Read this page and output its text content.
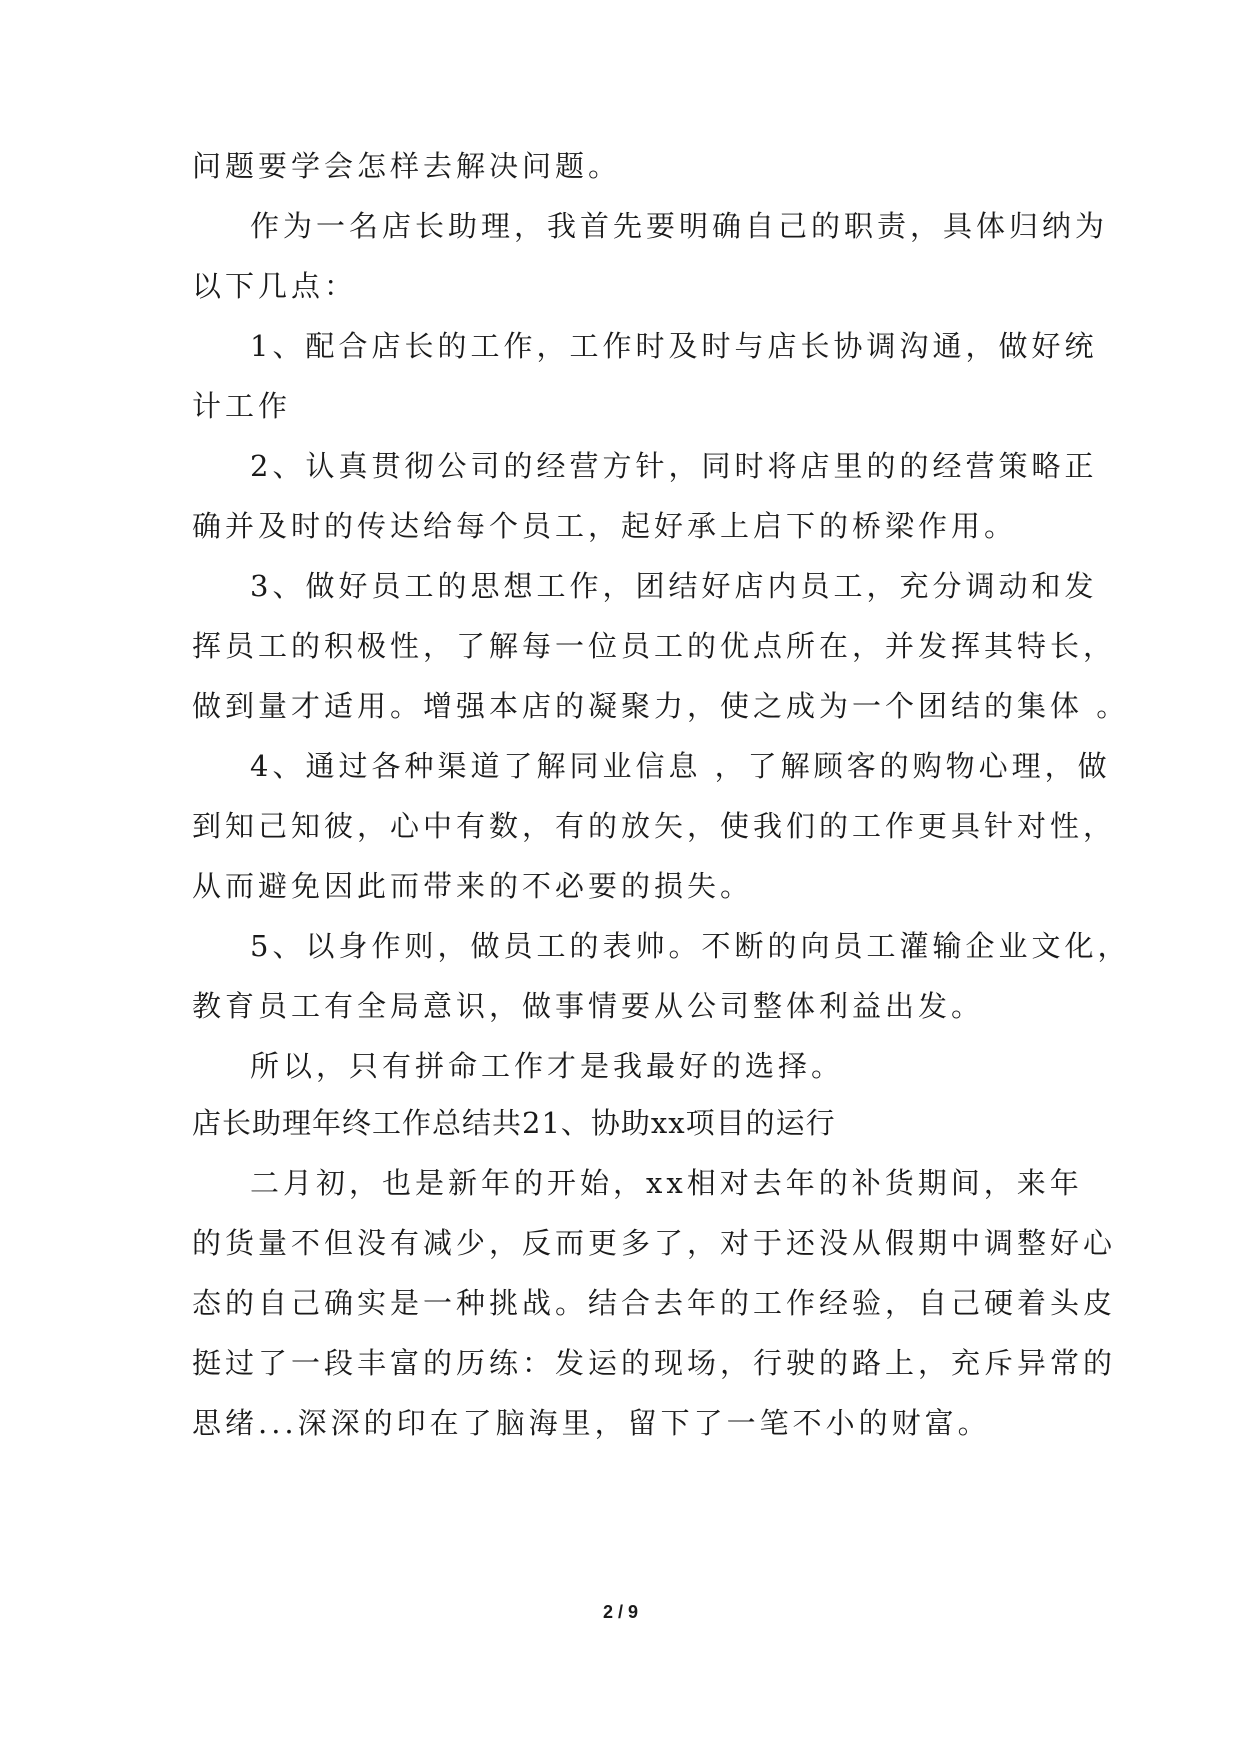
问题要学会怎样去解决问题。
作为一名店长助理，我首先要明确自己的职责，具体归纳为
以下几点：
1、配合店长的工作，工作时及时与店长协调沟通，做好统
计工作
2、认真贯彻公司的经营方针，同时将店里的的经营策略正
确并及时的传达给每个员工，起好承上启下的桥梁作用。
3、做好员工的思想工作，团结好店内员工，充分调动和发
挥员工的积极性，了解每一位员工的优点所在，并发挥其特长，
做到量才适用。增强本店的凝聚力，使之成为一个团结的集体 。
4、通过各种渠道了解同业信息 ，了解顾客的购物心理，做
到知己知彼，心中有数，有的放矢，使我们的工作更具针对性，
从而避免因此而带来的不必要的损失。
5、以身作则，做员工的表帅。不断的向员工灌输企业文化，
教育员工有全局意识，做事情要从公司整体利益出发。
所以，只有拼命工作才是我最好的选择。
店长助理年终工作总结共21、协助xx项目的运行
二月初，也是新年的开始，xx相对去年的补货期间，来年
的货量不但没有减少，反而更多了，对于还没从假期中调整好心
态的自己确实是一种挑战。结合去年的工作经验，自己硬着头皮
挺过了一段丰富的历练：发运的现场，行驶的路上，充斥异常的
思绪...深深的印在了脑海里，留下了一笔不小的财富。
2 / 9
